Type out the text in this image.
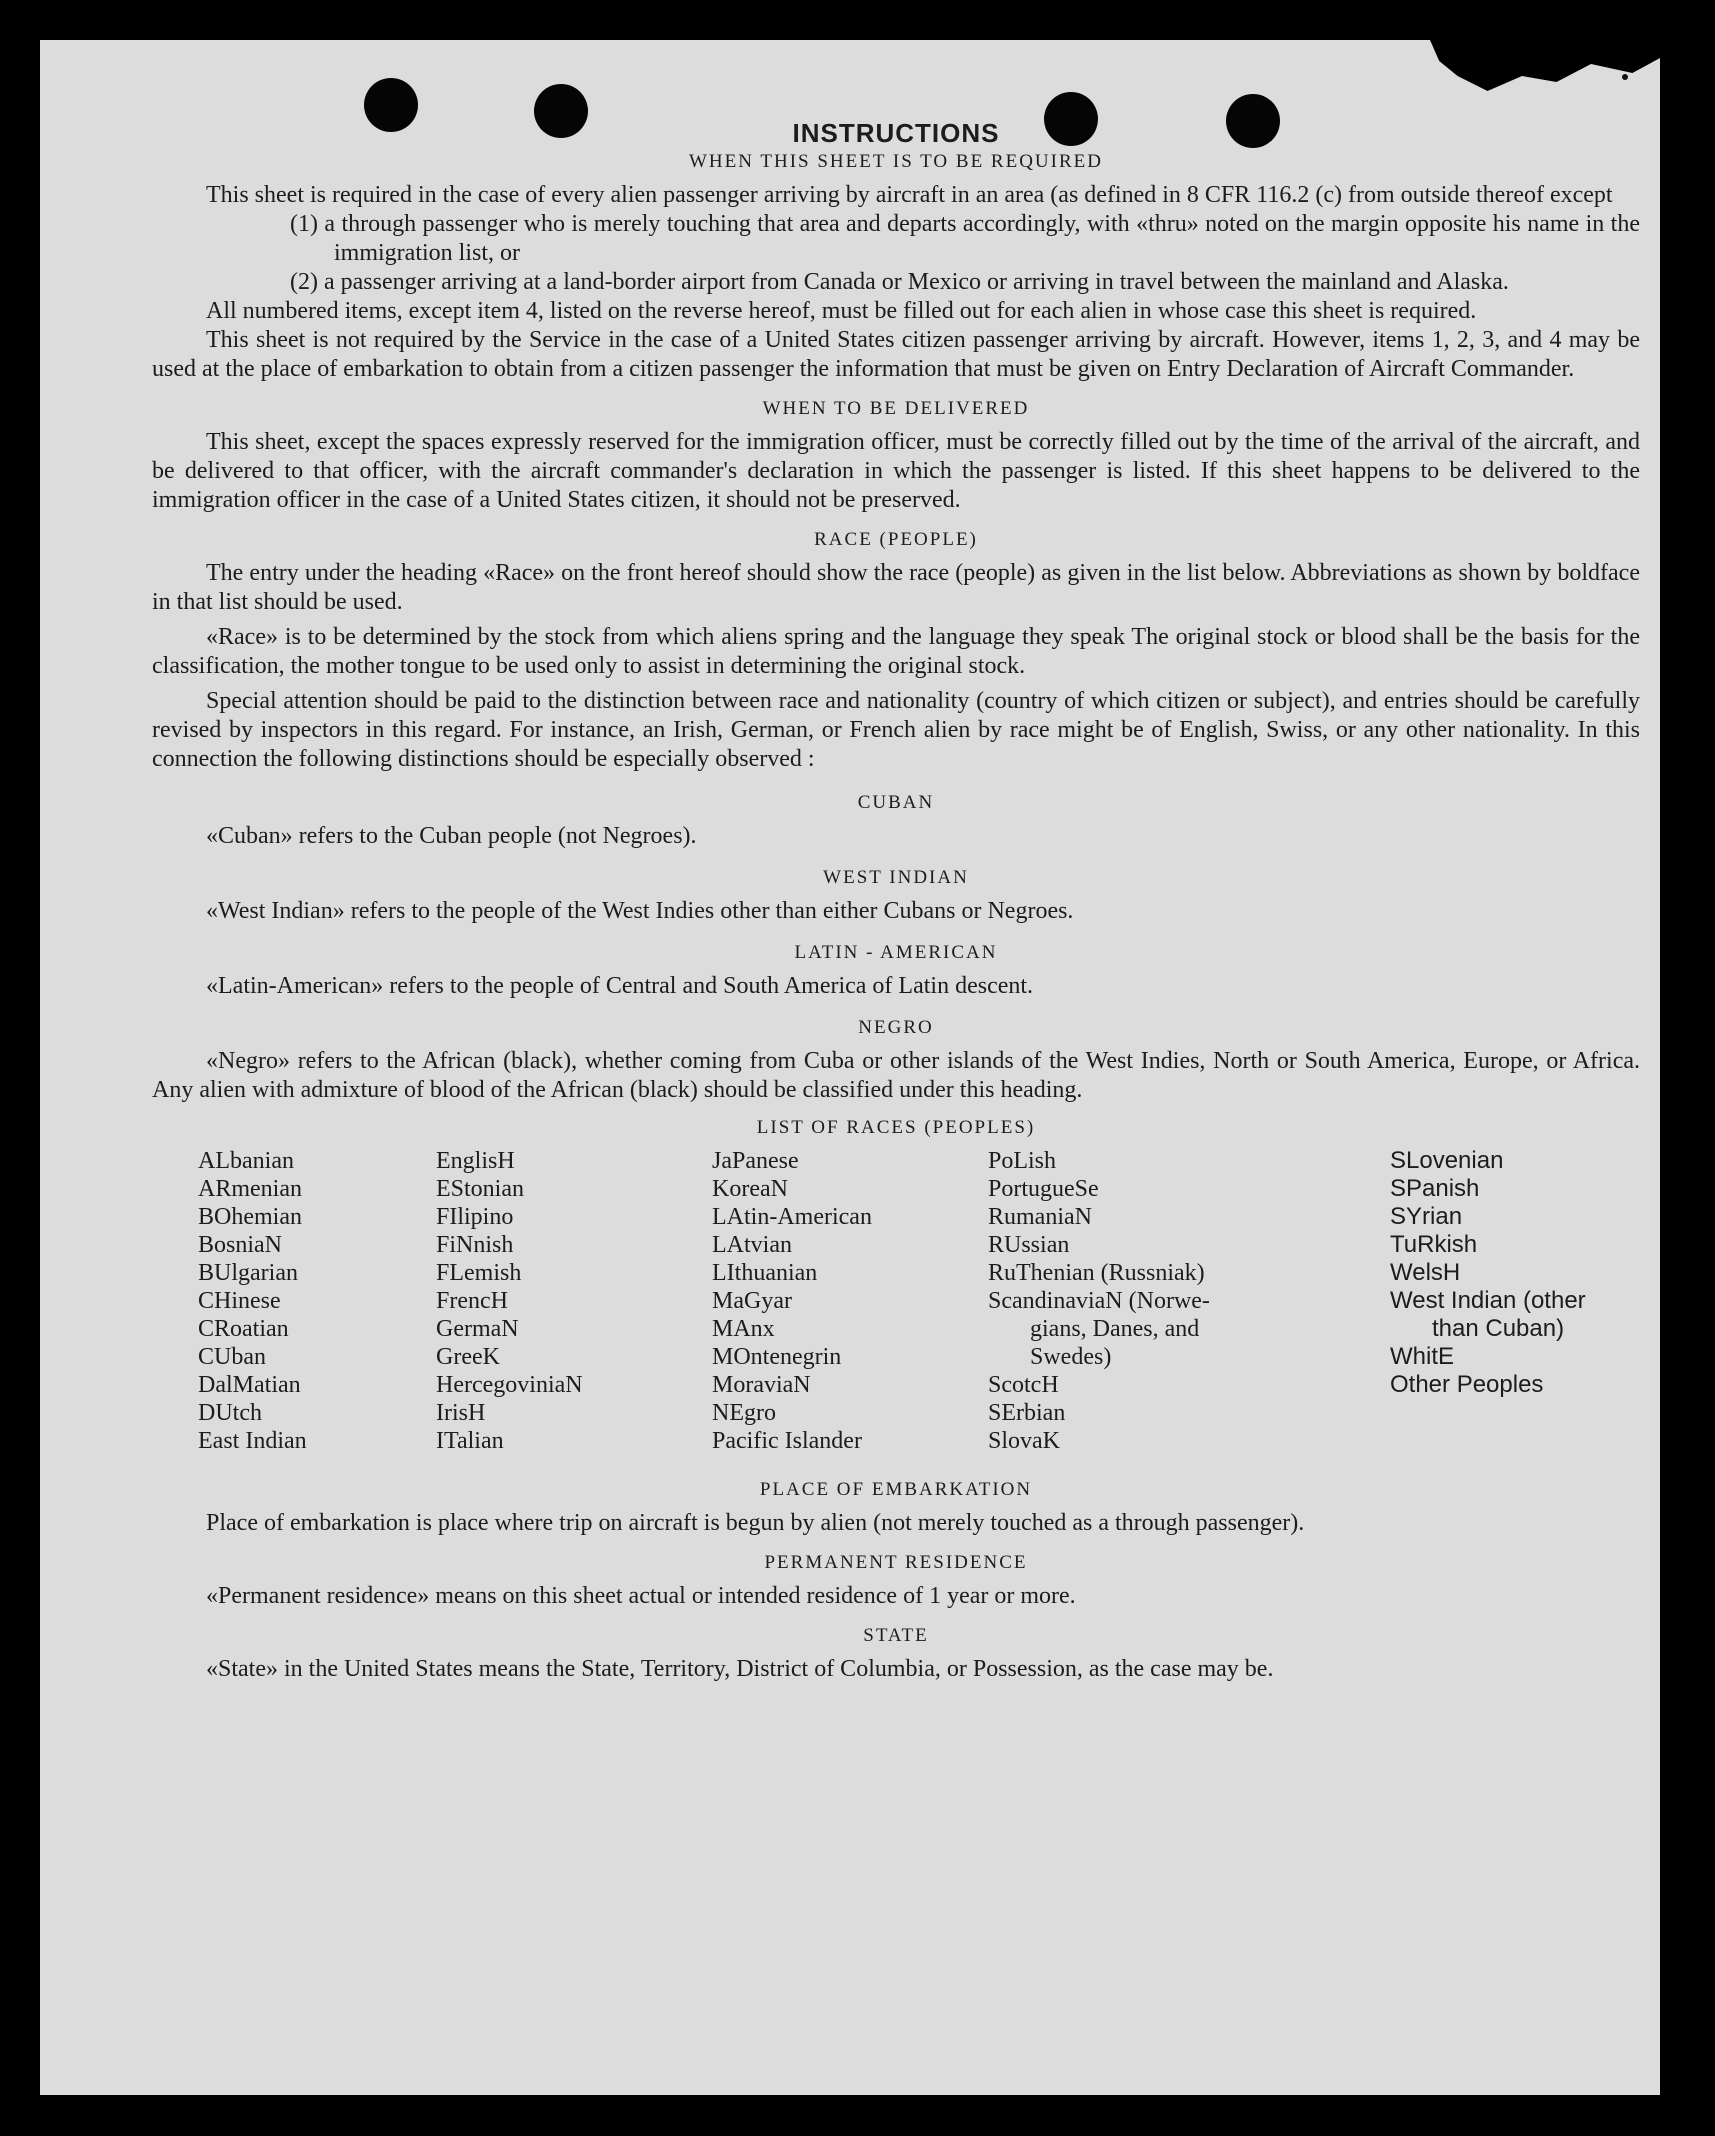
INSTRUCTIONS
WHEN THIS SHEET IS TO BE REQUIRED

This sheet is required in the case of every alien passenger arriving by aircraft in an area (as defined in 8 CFR 116.2 (c) from outside thereof except

(1) a through passenger who is merely touching that area and departs accordingly, with «thru» noted on the margin opposite his name in the immigration list, or

(2) a passenger arriving at a land-border airport from Canada or Mexico or arriving in travel between the mainland and Alaska.

All numbered items, except item 4, listed on the reverse hereof, must be filled out for each alien in whose case this sheet is required.

This sheet is not required by the Service in the case of a United States citizen passenger arriving by aircraft. However, items 1, 2, 3, and 4 may be used at the place of embarkation to obtain from a citizen passenger the information that must be given on Entry Declaration of Aircraft Commander.

WHEN TO BE DELIVERED

This sheet, except the spaces expressly reserved for the immigration officer, must be correctly filled out by the time of the arrival of the aircraft, and be delivered to that officer, with the aircraft commander's declaration in which the passenger is listed. If this sheet happens to be delivered to the immigration officer in the case of a United States citizen, it should not be preserved.

RACE (PEOPLE)

The entry under the heading «Race» on the front hereof should show the race (people) as given in the list below. Abbreviations as shown by boldface in that list should be used.

«Race» is to be determined by the stock from which aliens spring and the language they speak The original stock or blood shall be the basis for the classification, the mother tongue to be used only to assist in determining the original stock.

Special attention should be paid to the distinction between race and nationality (country of which citizen or subject), and entries should be carefully revised by inspectors in this regard. For instance, an Irish, German, or French alien by race might be of English, Swiss, or any other nationality. In this connection the following distinctions should be especially observed :

CUBAN

«Cuban» refers to the Cuban people (not Negroes).

WEST INDIAN

«West Indian» refers to the people of the West Indies other than either Cubans or Negroes.

LATIN - AMERICAN

«Latin-American» refers to the people of Central and South America of Latin descent.

NEGRO

«Negro» refers to the African (black), whether coming from Cuba or other islands of the West Indies, North or South America, Europe, or Africa. Any alien with admixture of blood of the African (black) should be classified under this heading.

LIST OF RACES (PEOPLES)
ALbanian
ARmenian
BOhemian
BosniaN
BUlgarian
CHinese
CRoatian
CUban
DalMatian
DUtch
East Indian
EnglisH
EStonian
FIlipino
FiNnish
FLemish
FrencH
GermaN
GreeK
HercegovinіaN
IrisH
ITalian
JaPanese
KoreaN
LAtin-American
LAtvian
LIthuanian
MaGyar
MAnx
MOntenegrin
MoraviaN
NEgro
Pacific Islander
PoLish
PortugueSe
RumaniaN
RUssian
RuThenian (Russniak)
ScandinaviaN (Norwe-
gians, Danes, and
Swedes)
ScotcH
SErbian
SlovaK
SLovenian
SPanish
SYrian
TuRkish
WelsH
West Indian (other
than Cuban)
WhitE
Other Peoples
PLACE OF EMBARKATION

Place of embarkation is place where trip on aircraft is begun by alien (not merely touched as a through passenger).

PERMANENT RESIDENCE

«Permanent residence» means on this sheet actual or intended residence of 1 year or more.

STATE

«State» in the United States means the State, Territory, District of Columbia, or Possession, as the case may be.
